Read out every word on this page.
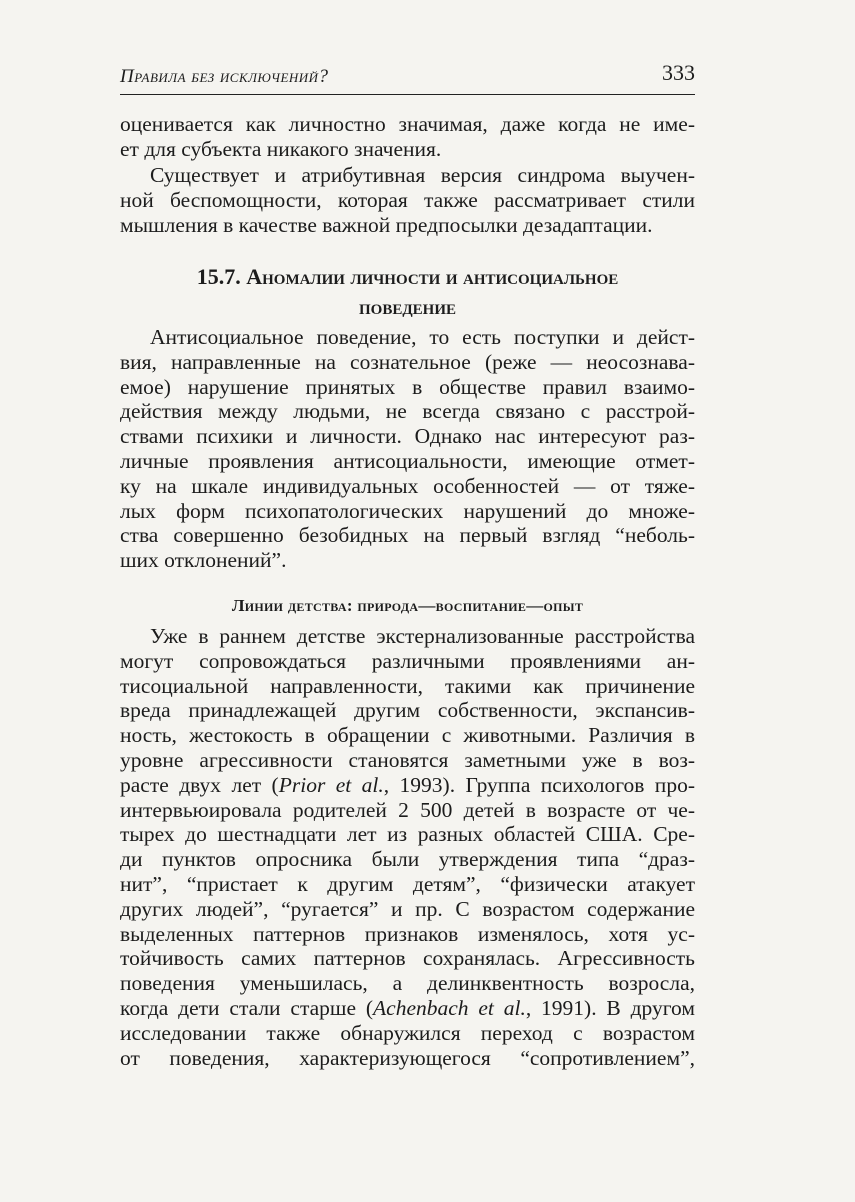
Правила без исключений?	333
оценивается как личностно значимая, даже когда не име-
ет для субъекта никакого значения.
Существует и атрибутивная версия синдрома выучен-
ной беспомощности, которая также рассматривает стили
мышления в качестве важной предпосылки дезадаптации.
15.7. Аномалии личности и антисоциальное
поведение
Антисоциальное поведение, то есть поступки и дейст-
вия, направленные на сознательное (реже — неосознава-
емое) нарушение принятых в обществе правил взаимо-
действия между людьми, не всегда связано с расстрой-
ствами психики и личности. Однако нас интересуют раз-
личные проявления антисоциальности, имеющие отмет-
ку на шкале индивидуальных особенностей — от тяже-
лых форм психопатологических нарушений до множе-
ства совершенно безобидных на первый взгляд “неболь-
ших отклонений”.
Линии детства: природа—воспитание—опыт
Уже в раннем детстве экстернализованные расстройства
могут сопровождаться различными проявлениями ан-
тисоциальной направленности, такими как причинение
вреда принадлежащей другим собственности, экспансив-
ность, жестокость в обращении с животными. Различия в
уровне агрессивности становятся заметными уже в воз-
расте двух лет (Prior et al., 1993). Группа психологов про-
интервьюировала родителей 2 500 детей в возрасте от че-
тырех до шестнадцати лет из разных областей США. Сре-
ди пунктов опросника были утверждения типа “драз-
нит”, “пристает к другим детям”, “физически атакует
других людей”, “ругается” и пр. С возрастом содержание
выделенных паттернов признаков изменялось, хотя ус-
тойчивость самих паттернов сохранялась. Агрессивность
поведения уменьшилась, а делинквентность возросла,
когда дети стали старше (Achenbach et al., 1991). В другом
исследовании также обнаружился переход с возрастом
от поведения, характеризующегося “сопротивлением”,
